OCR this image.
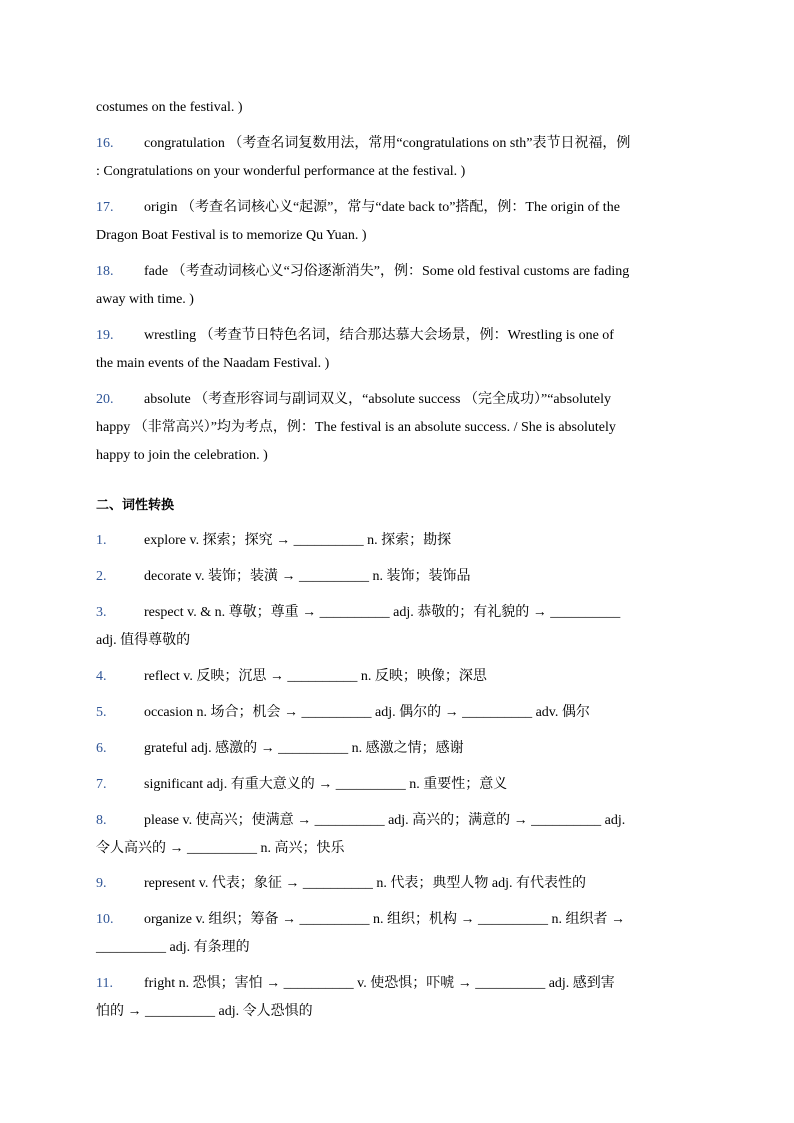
costumes on the festival. )
16. congratulation （考查名词复数用法，常用“congratulations on sth”表节日祝福，例
: Congratulations on your wonderful performance at the festival. )
17. origin （考查名词核心义“起源”，常与“date back to”搭配，例：The origin of the
Dragon Boat Festival is to memorize Qu Yuan. )
18. fade （考查动词核心义“习俗逐渐消失”，例：Some old festival customs are fading
away with time. )
19. wrestling （考查节日特色名词，结合那达慕大会场景，例：Wrestling is one of
the main events of the Naadam Festival. )
20. absolute （考查形容词与副词双义，“absolute success （完全成功）”“absolutely
happy （非常高兴）”均为考点，例：The festival is an absolute success. / She is absolutely
happy to join the celebration. )
二、词性转换
1.	explore v. 探索；探究 → __________ n. 探索；勘探
2.	decorate v. 装饰；装潢 → __________ n. 装饰；装饰品
3.	respect v. & n. 尊敬；尊重 → __________ adj. 恭敬的；有礼貌的 → __________
adj. 值得尊敬的
4.	reflect v. 反映；沉思 → __________ n. 反映；映像；深思
5.	occasion n. 场合；机会 → __________ adj. 偶尔的 → __________ adv. 偶尔
6.	grateful adj. 感激的 → __________ n. 感激之情；感谢
7.	significant adj. 有重大意义的 → __________ n. 重要性；意义
8.	please v. 使高兴；使满意 → __________ adj. 高兴的；满意的 → __________ adj.
令人高兴的 → __________ n. 高兴；快乐
9.	represent v. 代表；象征 → __________ n. 代表；典型人物 adj. 有代表性的
10. organize v. 组织；筹备 → __________ n. 组织；机构 → __________ n. 组织者 →
__________ adj. 有条理的
11. fright n. 恐惧；害怕 → __________ v. 使恐惧；吓唬 → __________ adj. 感到害
怕的 → __________ adj. 令人恐惧的
